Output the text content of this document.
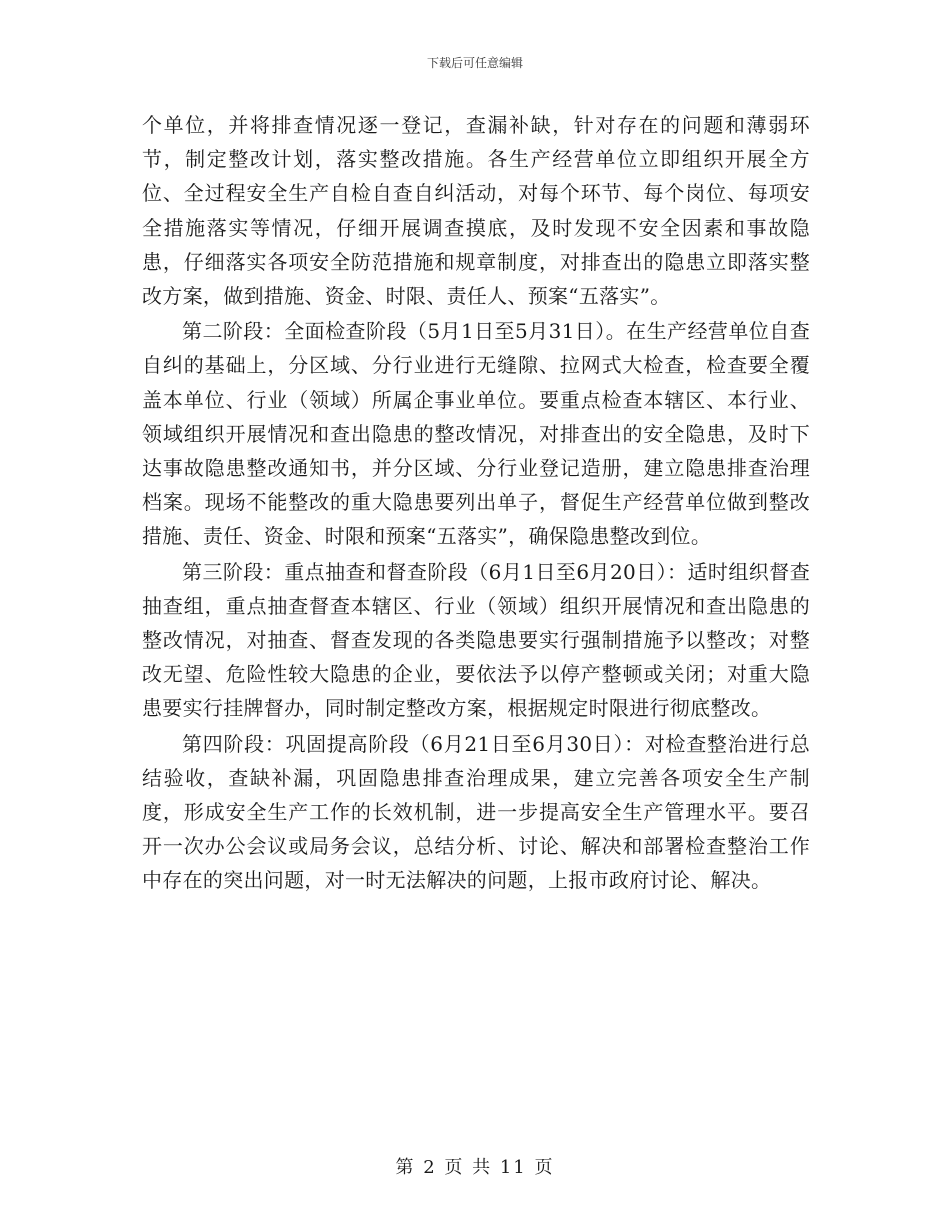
下载后可任意编辑

个单位，并将排查情况逐一登记，查漏补缺，针对存在的问题和薄弱环节，制定整改计划，落实整改措施。各生产经营单位立即组织开展全方位、全过程安全生产自检自查自纠活动，对每个环节、每个岗位、每项安全措施落实等情况，仔细开展调查摸底，及时发现不安全因素和事故隐患，仔细落实各项安全防范措施和规章制度，对排查出的隐患立即落实整改方案，做到措施、资金、时限、责任人、预案“五落实”。

第二阶段：全面检查阶段（5月1日至5月31日）。在生产经营单位自查自纠的基础上，分区域、分行业进行无缝隙、拉网式大检查，检查要全覆盖本单位、行业（领域）所属企事业单位。要重点检查本辖区、本行业、领域组织开展情况和查出隐患的整改情况，对排查出的安全隐患，及时下达事故隐患整改通知书，并分区域、分行业登记造册，建立隐患排查治理档案。现场不能整改的重大隐患要列出单子，督促生产经营单位做到整改措施、责任、资金、时限和预案“五落实”，确保隐患整改到位。

第三阶段：重点抽查和督查阶段（6月1日至6月20日）：适时组织督查抽查组，重点抽查督查本辖区、行业（领域）组织开展情况和查出隐患的整改情况，对抽查、督查发现的各类隐患要实行强制措施予以整改；对整改无望、危险性较大隐患的企业，要依法予以停产整顿或关闭；对重大隐患要实行挂牌督办，同时制定整改方案，根据规定时限进行彻底整改。

第四阶段：巩固提高阶段（6月21日至6月30日）：对检查整治进行总结验收，查缺补漏，巩固隐患排查治理成果，建立完善各项安全生产制度，形成安全生产工作的长效机制，进一步提高安全生产管理水平。要召开一次办公会议或局务会议，总结分析、讨论、解决和部署检查整治工作中存在的突出问题，对一时无法解决的问题，上报市政府讨论、解决。

第 2 页 共 11 页
